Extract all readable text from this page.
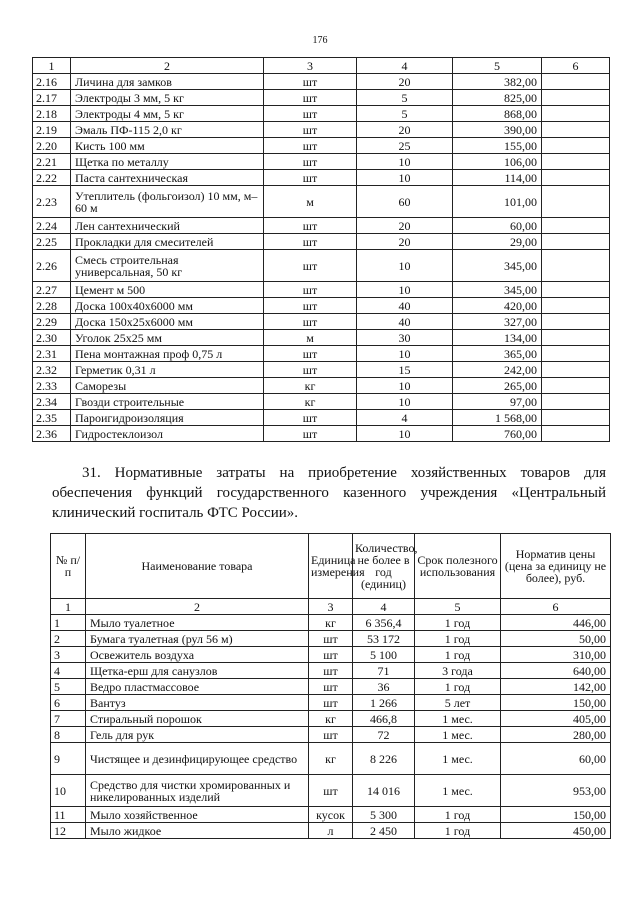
176
1	2	3	4	5	6
2.16	Личина для замков	шт	20	382,00	
2.17	Электроды 3 мм, 5 кг	шт	5	825,00	
2.18	Электроды 4 мм, 5 кг	шт	5	868,00	
2.19	Эмаль ПФ-115 2,0 кг	шт	20	390,00	
2.20	Кисть 100 мм	шт	25	155,00	
2.21	Щетка по металлу	шт	10	106,00	
2.22	Паста сантехническая	шт	10	114,00	
2.23	Утеплитель (фольгоизол) 10 мм, м– 60 м	м	60	101,00	
2.24	Лен сантехнический	шт	20	60,00	
2.25	Прокладки для смесителей	шт	20	29,00	
2.26	Смесь строительная универсальная, 50 кг	шт	10	345,00	
2.27	Цемент м 500	шт	10	345,00	
2.28	Доска 100х40х6000 мм	шт	40	420,00	
2.29	Доска 150х25х6000 мм	шт	40	327,00	
2.30	Уголок 25х25 мм	м	30	134,00	
2.31	Пена монтажная проф 0,75 л	шт	10	365,00	
2.32	Герметик 0,31 л	шт	15	242,00	
2.33	Саморезы	кг	10	265,00	
2.34	Гвозди строительные	кг	10	97,00	
2.35	Пароигидроизоляция	шт	4	1 568,00	
2.36	Гидростеклоизол	шт	10	760,00	

31. Нормативные затраты на приобретение хозяйственных товаров для обеспечения функций государственного казенного учреждения «Центральный клинический госпиталь ФТС России».

№ п/п	Наименование товара	Единица измерения	Количество, не более в год (единиц)	Срок полезного использования	Норматив цены (цена за единицу не более), руб.
1	2	3	4	5	6
1	Мыло туалетное	кг	6 356,4	1 год	446,00
2	Бумага туалетная (рул 56 м)	шт	53 172	1 год	50,00
3	Освежитель воздуха	шт	5 100	1 год	310,00
4	Щетка-ерш для санузлов	шт	71	3 года	640,00
5	Ведро пластмассовое	шт	36	1 год	142,00
6	Вантуз	шт	1 266	5 лет	150,00
7	Стиральный порошок	кг	466,8	1 мес.	405,00
8	Гель для рук	шт	72	1 мес.	280,00
9	Чистящее и дезинфицирующее средство	кг	8 226	1 мес.	60,00
10	Средство для чистки хромированных и никелированных изделий	шт	14 016	1 мес.	953,00
11	Мыло хозяйственное	кусок	5 300	1 год	150,00
12	Мыло жидкое	л	2 450	1 год	450,00
